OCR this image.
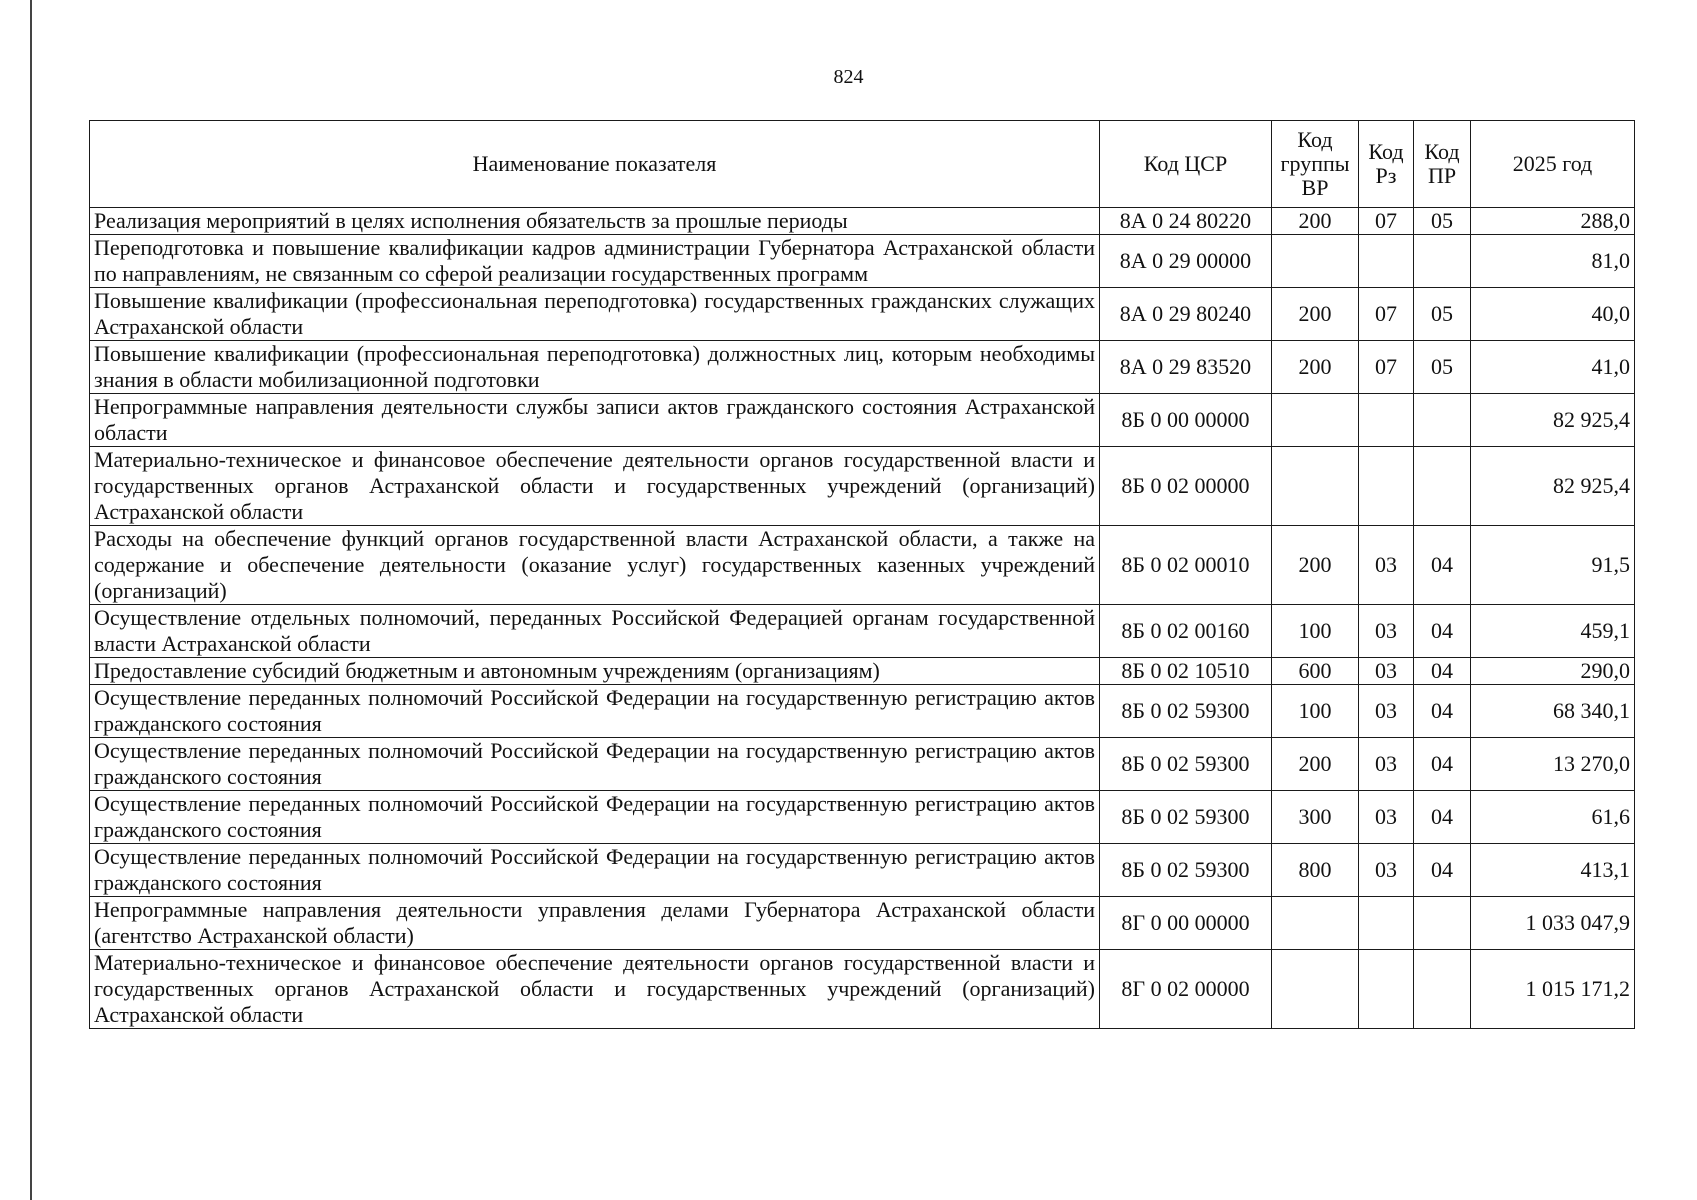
824
Наименование показателя	Код ЦСР	Код группы ВР	Код Рз	Код ПР	2025 год
Реализация мероприятий в целях исполнения обязательств за прошлые периоды	8А 0 24 80220	200	07	05	288,0
Переподготовка и повышение квалификации кадров администрации Губернатора Астраханской области по направлениям, не связанным со сферой реализации государственных программ	8А 0 29 00000				81,0
Повышение квалификации (профессиональная переподготовка) государственных гражданских служащих Астраханской области	8А 0 29 80240	200	07	05	40,0
Повышение квалификации (профессиональная переподготовка) должностных лиц, которым необходимы знания в области мобилизационной подготовки	8А 0 29 83520	200	07	05	41,0
Непрограммные направления деятельности службы записи актов гражданского состояния Астраханской области	8Б 0 00 00000				82 925,4
Материально-техническое и финансовое обеспечение деятельности органов государственной власти и государственных органов Астраханской области и государственных учреждений (организаций) Астраханской области	8Б 0 02 00000				82 925,4
Расходы на обеспечение функций органов государственной власти Астраханской области, а также на содержание и обеспечение деятельности (оказание услуг) государственных казенных учреждений (организаций)	8Б 0 02 00010	200	03	04	91,5
Осуществление отдельных полномочий, переданных Российской Федерацией органам государственной власти Астраханской области	8Б 0 02 00160	100	03	04	459,1
Предоставление субсидий бюджетным и автономным учреждениям (организациям)	8Б 0 02 10510	600	03	04	290,0
Осуществление переданных полномочий Российской Федерации на государственную регистрацию актов гражданского состояния	8Б 0 02 59300	100	03	04	68 340,1
Осуществление переданных полномочий Российской Федерации на государственную регистрацию актов гражданского состояния	8Б 0 02 59300	200	03	04	13 270,0
Осуществление переданных полномочий Российской Федерации на государственную регистрацию актов гражданского состояния	8Б 0 02 59300	300	03	04	61,6
Осуществление переданных полномочий Российской Федерации на государственную регистрацию актов гражданского состояния	8Б 0 02 59300	800	03	04	413,1
Непрограммные направления деятельности управления делами Губернатора Астраханской области (агентство Астраханской области)	8Г 0 00 00000				1 033 047,9
Материально-техническое и финансовое обеспечение деятельности органов государственной власти и государственных органов Астраханской области и государственных учреждений (организаций) Астраханской области	8Г 0 02 00000				1 015 171,2
